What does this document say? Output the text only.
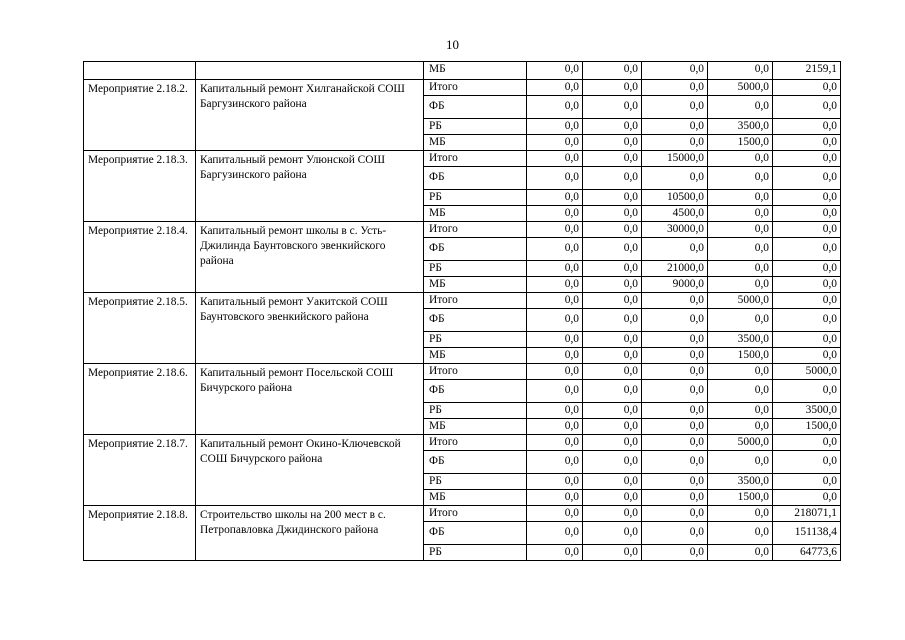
10
		МБ	0,0	0,0	0,0	0,0	2159,1
Мероприятие 2.18.2.	Капитальный ремонт Хилганайской СОШ Баргузинского района	Итого	0,0	0,0	0,0	5000,0	0,0
		ФБ	0,0	0,0	0,0	0,0	0,0
		РБ	0,0	0,0	0,0	3500,0	0,0
		МБ	0,0	0,0	0,0	1500,0	0,0
Мероприятие 2.18.3.	Капитальный ремонт Улюнской СОШ Баргузинского района	Итого	0,0	0,0	15000,0	0,0	0,0
		ФБ	0,0	0,0	0,0	0,0	0,0
		РБ	0,0	0,0	10500,0	0,0	0,0
		МБ	0,0	0,0	4500,0	0,0	0,0
Мероприятие 2.18.4.	Капитальный ремонт школы в с. Усть-Джилинда Баунтовского эвенкийского района	Итого	0,0	0,0	30000,0	0,0	0,0
		ФБ	0,0	0,0	0,0	0,0	0,0
		РБ	0,0	0,0	21000,0	0,0	0,0
		МБ	0,0	0,0	9000,0	0,0	0,0
Мероприятие 2.18.5.	Капитальный ремонт Уакитской СОШ Баунтовского эвенкийского района	Итого	0,0	0,0	0,0	5000,0	0,0
		ФБ	0,0	0,0	0,0	0,0	0,0
		РБ	0,0	0,0	0,0	3500,0	0,0
		МБ	0,0	0,0	0,0	1500,0	0,0
Мероприятие 2.18.6.	Капитальный ремонт Посельской СОШ Бичурского района	Итого	0,0	0,0	0,0	0,0	5000,0
		ФБ	0,0	0,0	0,0	0,0	0,0
		РБ	0,0	0,0	0,0	0,0	3500,0
		МБ	0,0	0,0	0,0	0,0	1500,0
Мероприятие 2.18.7.	Капитальный ремонт Окино-Ключевской СОШ Бичурского района	Итого	0,0	0,0	0,0	5000,0	0,0
		ФБ	0,0	0,0	0,0	0,0	0,0
		РБ	0,0	0,0	0,0	3500,0	0,0
		МБ	0,0	0,0	0,0	1500,0	0,0
Мероприятие 2.18.8.	Строительство школы на 200 мест в с. Петропавловка Джидинского района	Итого	0,0	0,0	0,0	0,0	218071,1
		ФБ	0,0	0,0	0,0	0,0	151138,4
		РБ	0,0	0,0	0,0	0,0	64773,6
